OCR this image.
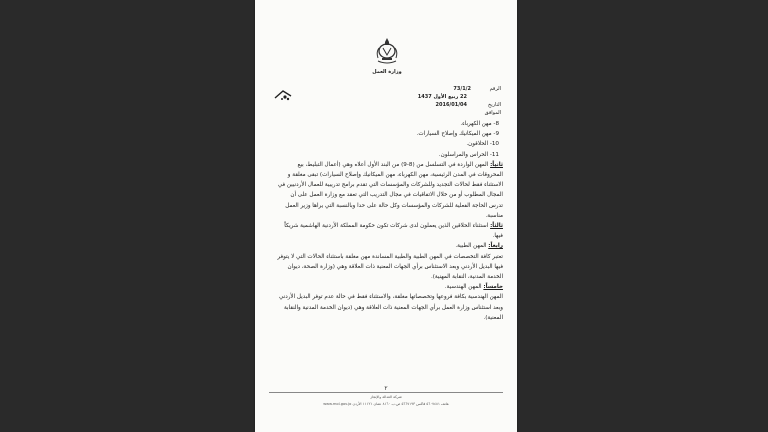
وزارة العمل
الرقم
73/1/2
22 ربيع الأول 1437
التاريخ
2016/01/04
الموافق

8- مهن الكهرباء.

9- مهن الميكانيك وإصلاح السيارات.

10- الحلاقون.

11- الحراس والمراسلون.

ثانياً: المهن الواردة في التسلسل من (8-9) من البند الأول أعلاه وهي (أعمال التبليط، بيع المحروقات في المدن الرئيسية، مهن الكهرباء، مهن الميكانيك وإصلاح السيارات) تبقى مغلقة و الاستثناء فقط لحالات التجديد وللشركات والمؤسسات التي تقدم برامج تدريبية للعمال الأردنيين في المجال المطلوب أو من خلال الاتفاقيات في مجال التدريب التي تعقد مع وزارة العمل على أن تدرس الحاجة الفعلية للشركات والمؤسسات وكل حالة على حدا وبالنسبة التي يراها وزير العمل مناسبة.

ثالثاً: استثناء الحلاقين الذين يعملون لدى شركات تكون حكومة المملكة الأردنية الهاشمية شريكاً فيها.

رابعاً: المهن الطبية.

تعتبر كافة التخصصات في المهن الطبية والطبية المساندة مهن مغلقة باستثناء الحالات التي لا يتوفر فيها البديل الأردني وبعد الاستئناس برأي الجهات المعنية ذات العلاقة وهي (وزارة الصحة، ديوان الخدمة المدنية، النقابة المهنية).

خامساً: المهن الهندسية.

المهن الهندسية بكافة فروعها وتخصصاتها مغلقة، والاستثناء فقط في حالة عدم توفر البديل الأردني وبعد استئناس وزارة العمل برأي الجهات المعنية ذات العلاقة وهي (ديوان الخدمة المدنية والنقابة المعنية).

٢
شركة العدالة والإنجاز
هاتف ٥٦٠٧٤٨١ فاكس ٥٦٦٧١٩٣ ص.ب ٨١٦٠ عمان ١١١٢١ الأردن www.mol.gov.jo
